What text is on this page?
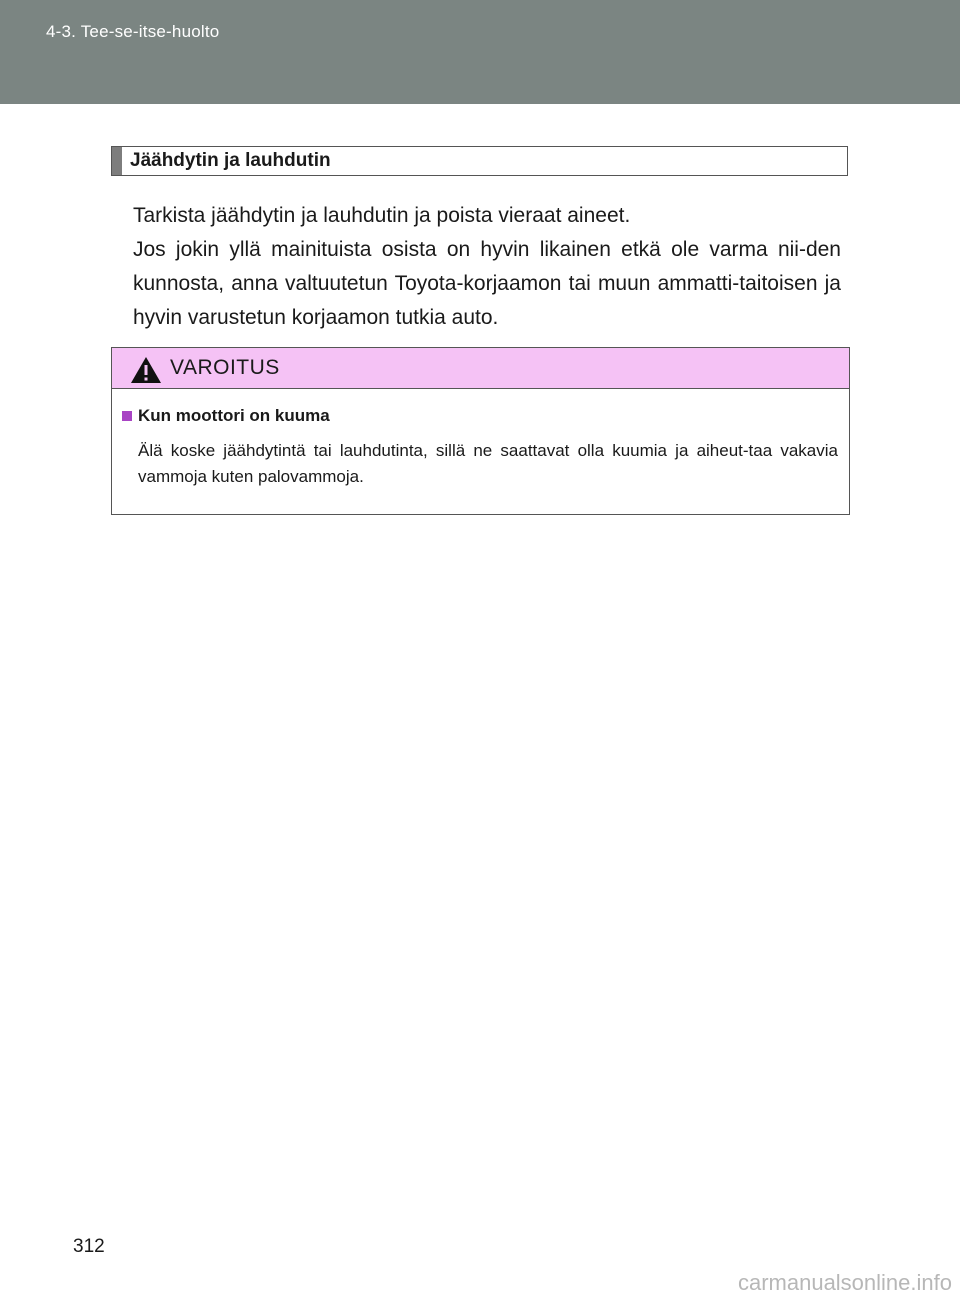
4-3. Tee-se-itse-huolto
Jäähdytin ja lauhdutin

Tarkista jäähdytin ja lauhdutin ja poista vieraat aineet.

Jos jokin yllä mainituista osista on hyvin likainen etkä ole varma nii-den kunnosta, anna valtuutetun Toyota-korjaamon tai muun ammatti-taitoisen ja hyvin varustetun korjaamon tutkia auto.

VAROITUS
Kun moottori on kuuma

Älä koske jäähdytintä tai lauhdutinta, sillä ne saattavat olla kuumia ja aiheut-taa vakavia vammoja kuten palovammoja.

312
carmanualsonline.info
